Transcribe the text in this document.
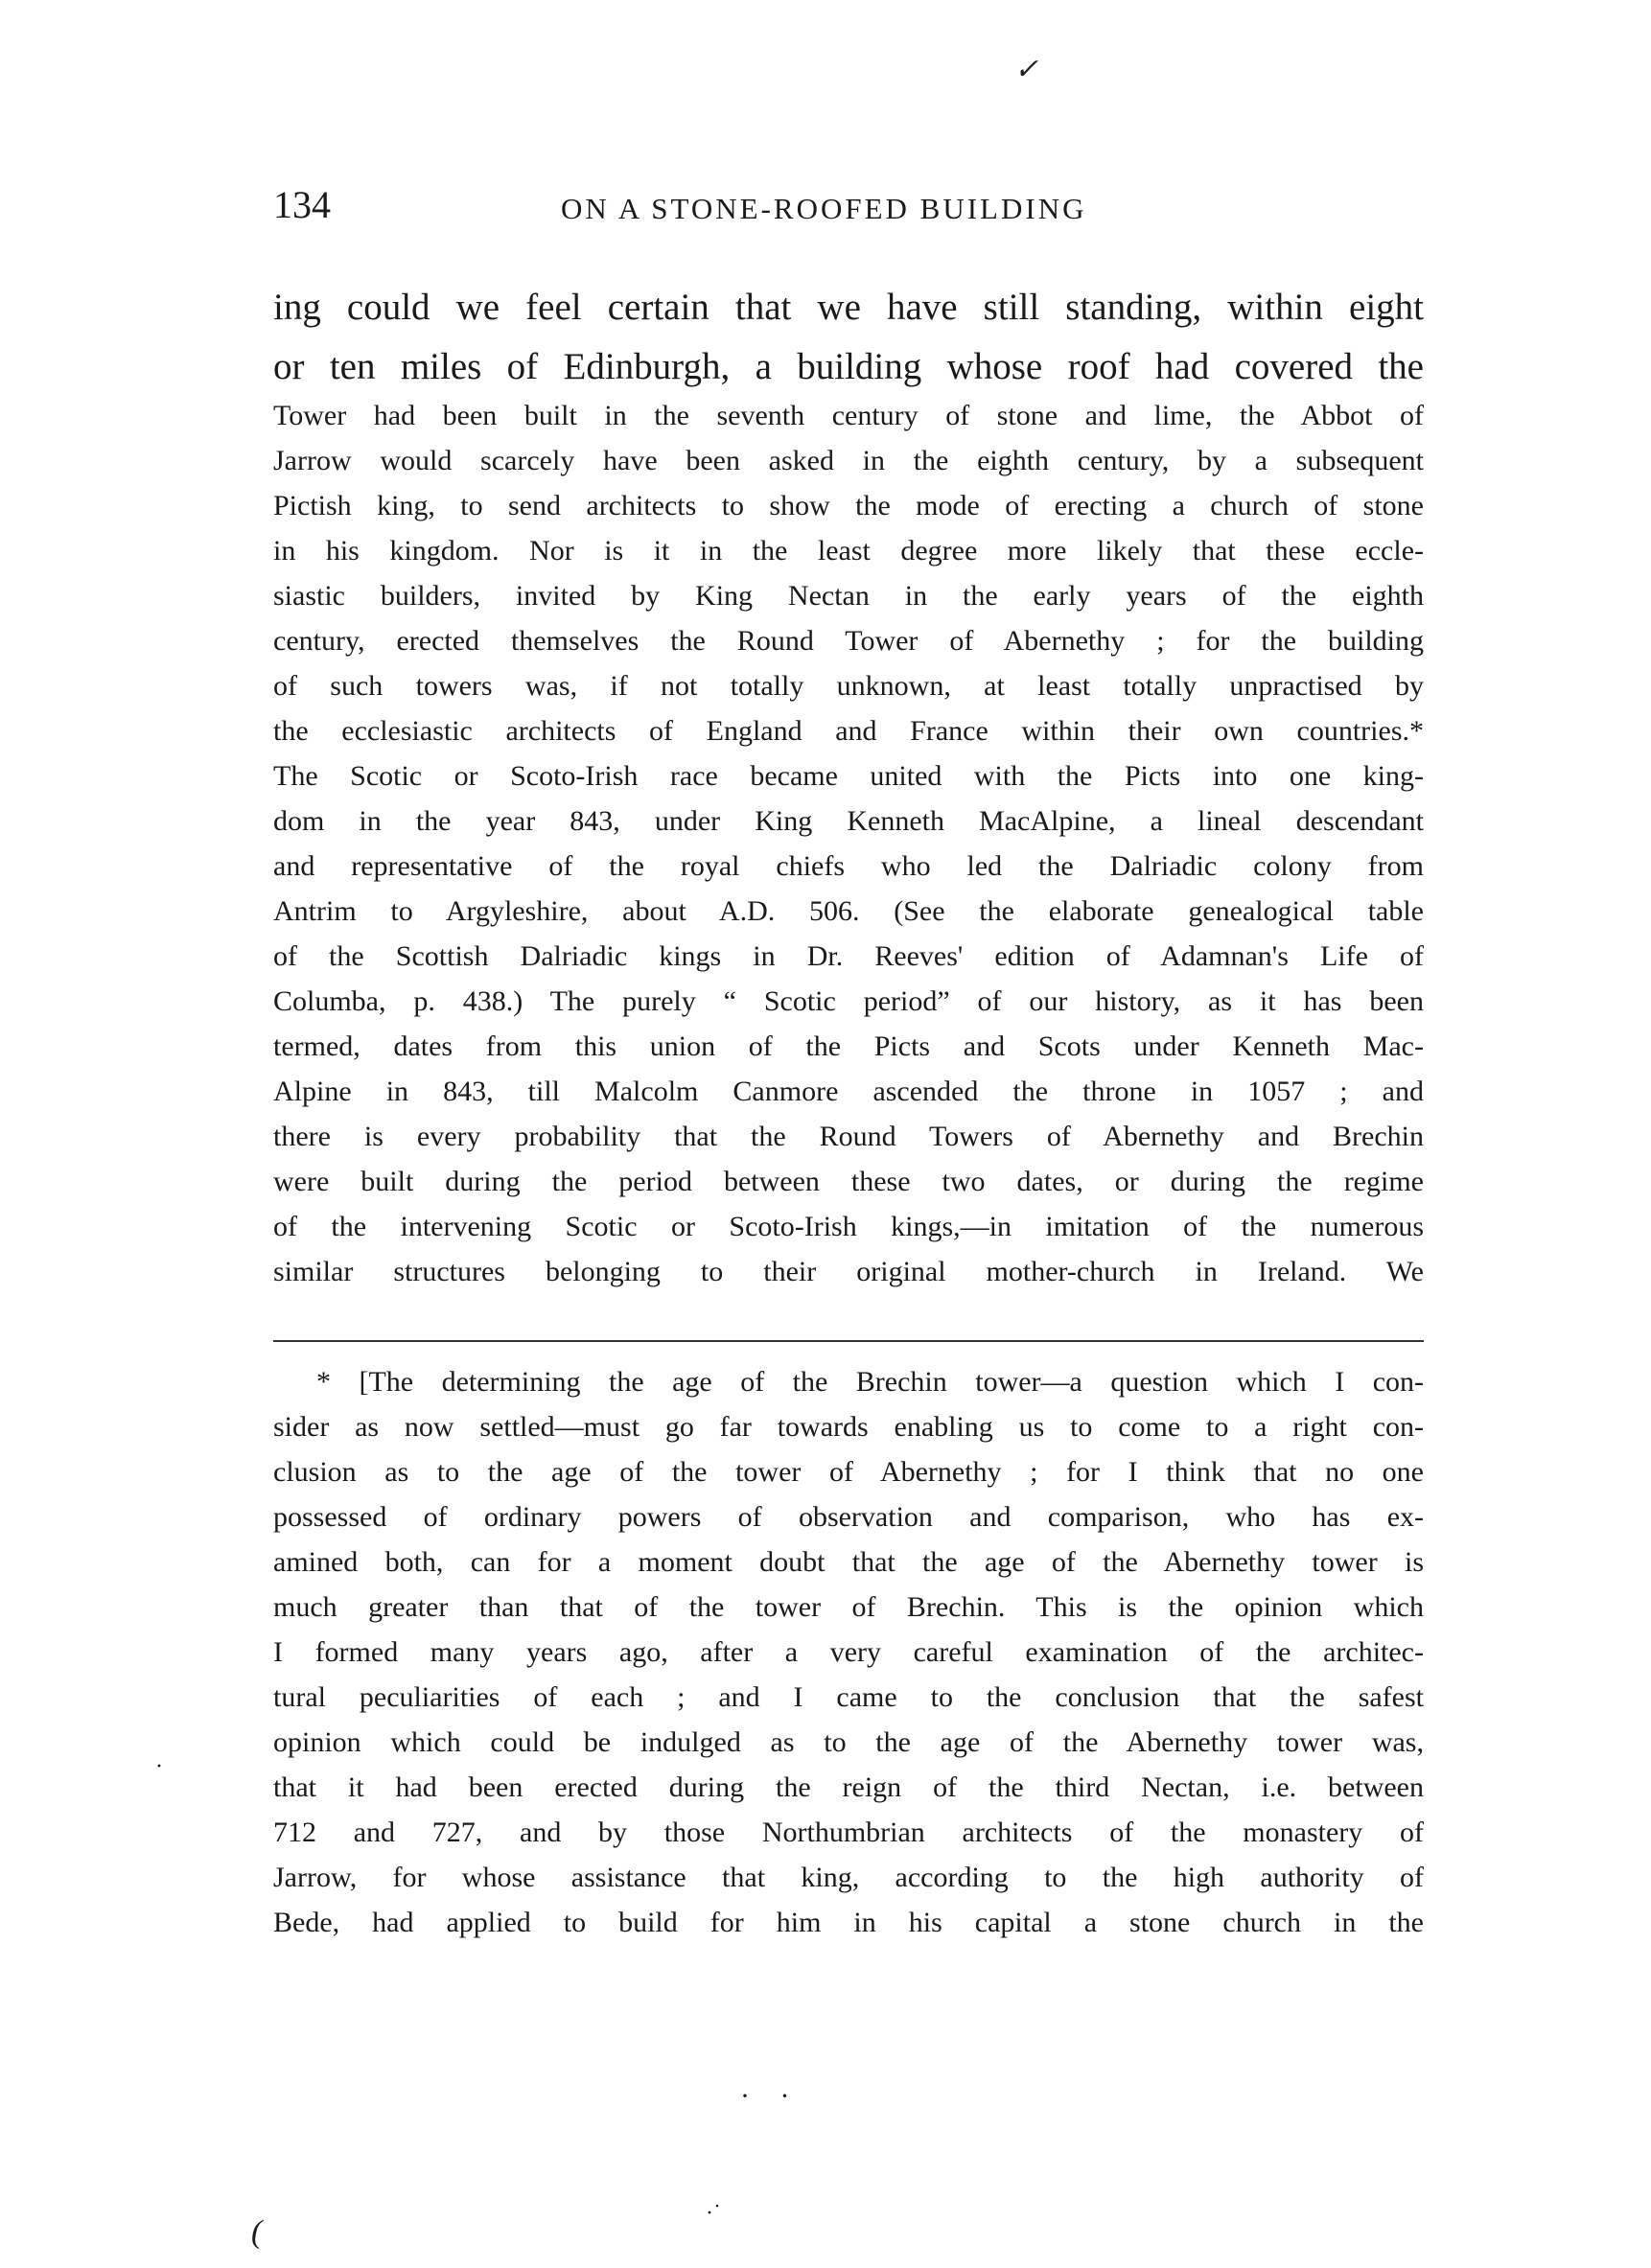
✓
134	ON A STONE-ROOFED BUILDING
ing could we feel certain that we have still standing, within eight
or ten miles of Edinburgh, a building whose roof had covered the
Tower had been built in the seventh century of stone and lime, the Abbot of
Jarrow would scarcely have been asked in the eighth century, by a subsequent
Pictish king, to send architects to show the mode of erecting a church of stone
in his kingdom. Nor is it in the least degree more likely that these eccle-
siastic builders, invited by King Nectan in the early years of the eighth
century, erected themselves the Round Tower of Abernethy ; for the building
of such towers was, if not totally unknown, at least totally unpractised by
the ecclesiastic architects of England and France within their own countries.*
The Scotic or Scoto-Irish race became united with the Picts into one king-
dom in the year 843, under King Kenneth MacAlpine, a lineal descendant
and representative of the royal chiefs who led the Dalriadic colony from
Antrim to Argyleshire, about A.D. 506. (See the elaborate genealogical table
of the Scottish Dalriadic kings in Dr. Reeves' edition of Adamnan's Life of
Columba, p. 438.) The purely “ Scotic period” of our history, as it has been
termed, dates from this union of the Picts and Scots under Kenneth Mac-
Alpine in 843, till Malcolm Canmore ascended the throne in 1057 ; and
there is every probability that the Round Towers of Abernethy and Brechin
were built during the period between these two dates, or during the regime
of the intervening Scotic or Scoto-Irish kings,—in imitation of the numerous
similar structures belonging to their original mother-church in Ireland. We
* [The determining the age of the Brechin tower—a question which I con-
sider as now settled—must go far towards enabling us to come to a right con-
clusion as to the age of the tower of Abernethy ; for I think that no one
possessed of ordinary powers of observation and comparison, who has ex-
amined both, can for a moment doubt that the age of the Abernethy tower is
much greater than that of the tower of Brechin. This is the opinion which
I formed many years ago, after a very careful examination of the architec-
tural peculiarities of each ; and I came to the conclusion that the safest
opinion which could be indulged as to the age of the Abernethy tower was,
that it had been erected during the reign of the third Nectan, i.e. between
712 and 727, and by those Northumbrian architects of the monastery of
Jarrow, for whose assistance that king, according to the high authority of
Bede, had applied to build for him in his capital a stone church in the
·
· ·
(
·˙
